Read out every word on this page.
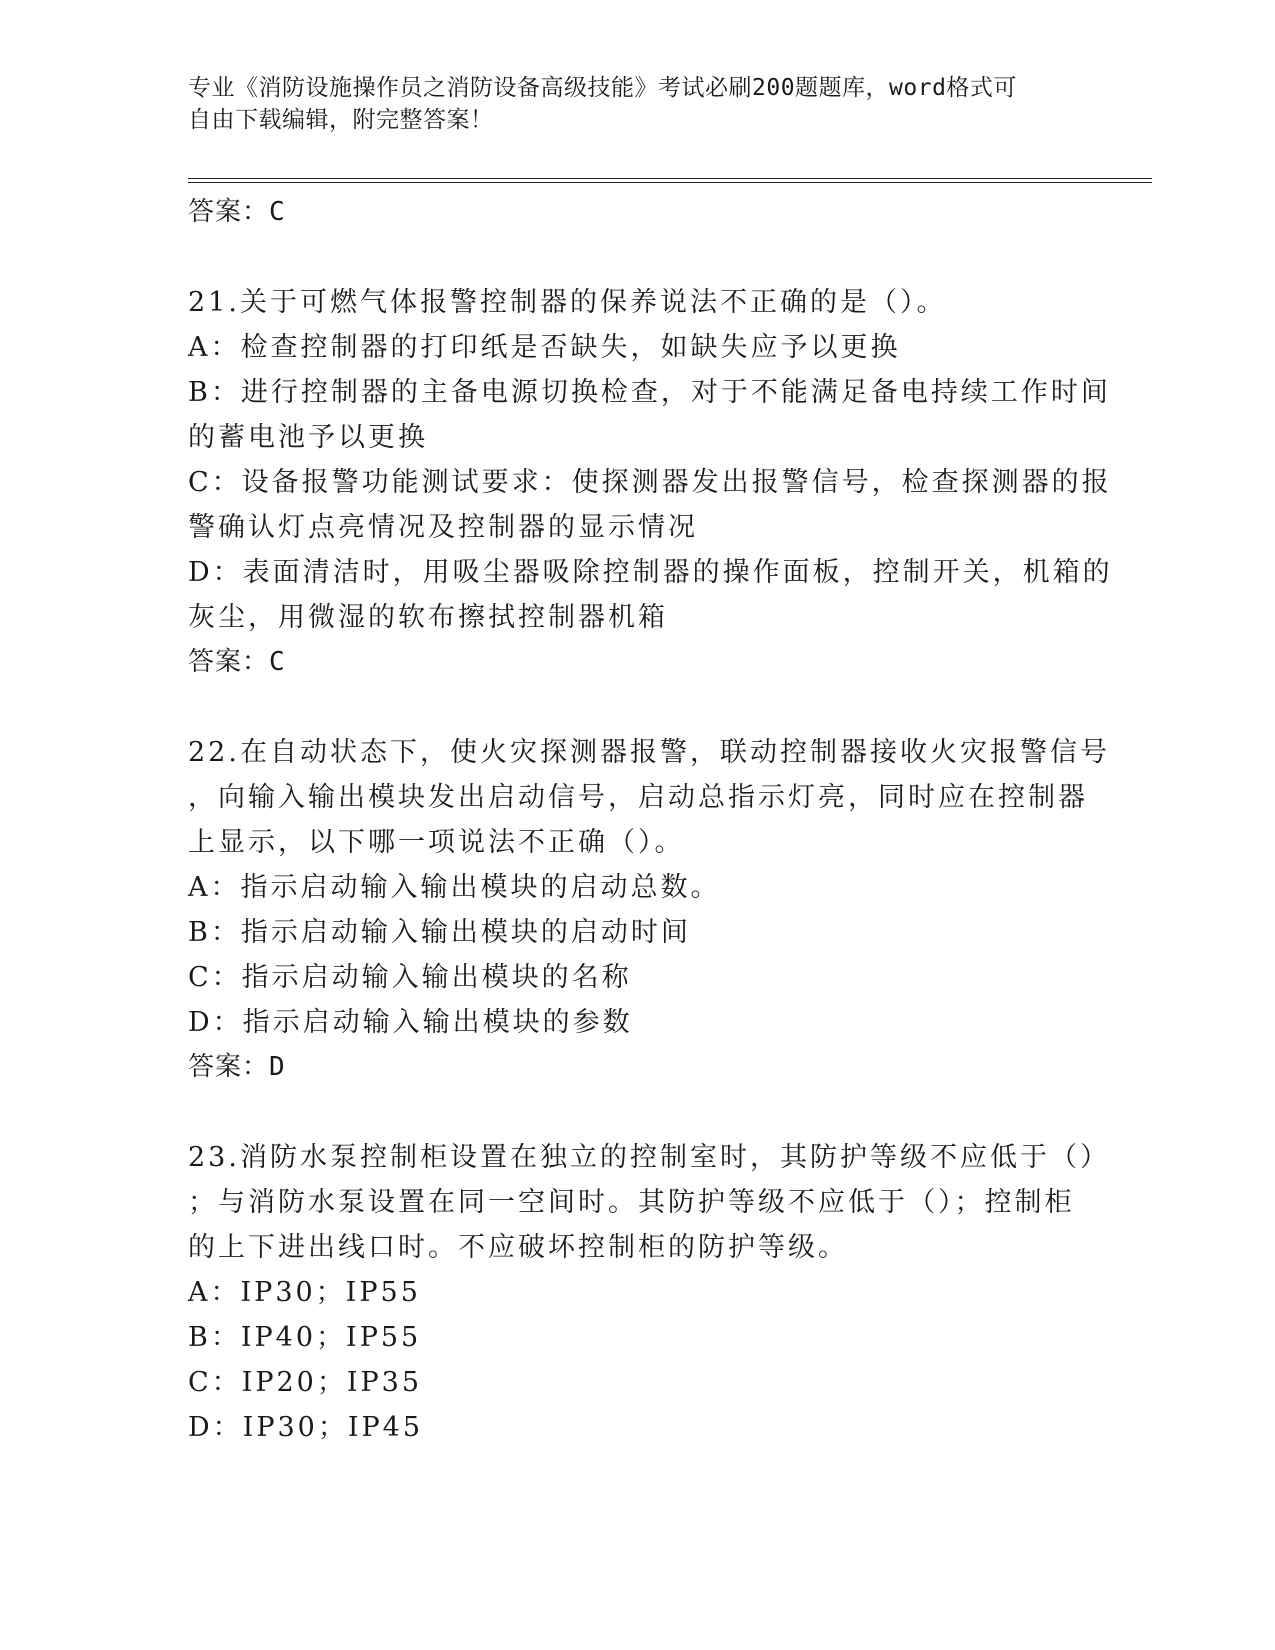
专业《消防设施操作员之消防设备高级技能》考试必刷200题题库，word格式可
自由下载编辑，附完整答案！

答案：C

21.关于可燃气体报警控制器的保养说法不正确的是（）。

A：检查控制器的打印纸是否缺失，如缺失应予以更换

B：进行控制器的主备电源切换检查，对于不能满足备电持续工作时间

的蓄电池予以更换

C：设备报警功能测试要求：使探测器发出报警信号，检查探测器的报

警确认灯点亮情况及控制器的显示情况

D：表面清洁时，用吸尘器吸除控制器的操作面板，控制开关，机箱的

灰尘，用微湿的软布擦拭控制器机箱

答案：C

22.在自动状态下，使火灾探测器报警，联动控制器接收火灾报警信号

，向输入输出模块发出启动信号，启动总指示灯亮，同时应在控制器

上显示，以下哪一项说法不正确（）。

A：指示启动输入输出模块的启动总数。

B：指示启动输入输出模块的启动时间

C：指示启动输入输出模块的名称

D：指示启动输入输出模块的参数

答案：D

23.消防水泵控制柜设置在独立的控制室时，其防护等级不应低于（）

；与消防水泵设置在同一空间时。其防护等级不应低于（）；控制柜

的上下进出线口时。不应破坏控制柜的防护等级。

A：IP30；IP55

B：IP40；IP55

C：IP20；IP35

D：IP30；IP45
